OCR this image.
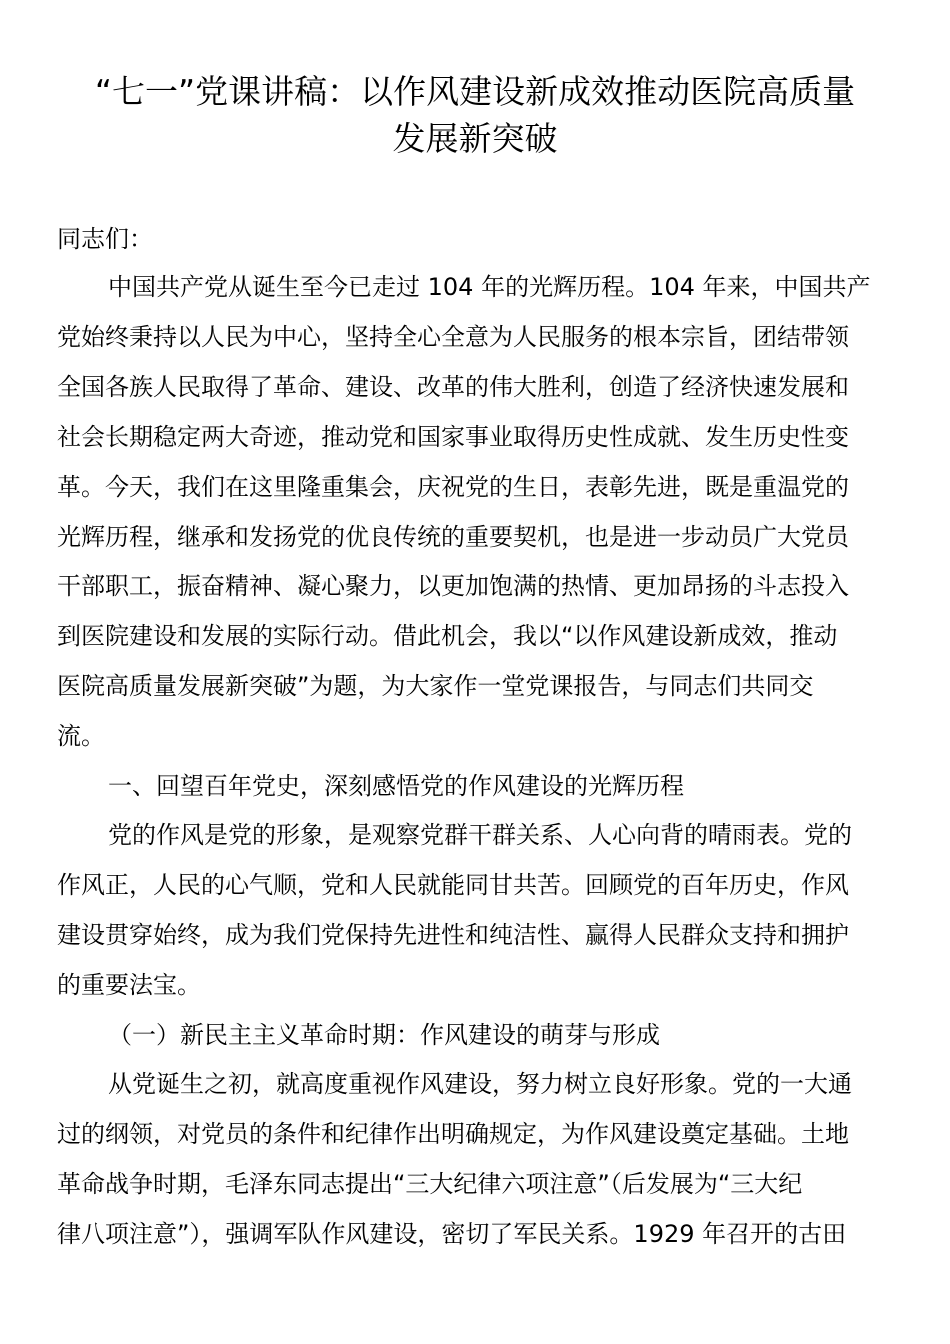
“七一”党课讲稿：以作风建设新成效推动医院高质量
发展新突破

同志们：

中国共产党从诞生至今已走过 104 年的光辉历程。104 年来，中国共产

党始终秉持以人民为中心，坚持全心全意为人民服务的根本宗旨，团结带领

全国各族人民取得了革命、建设、改革的伟大胜利，创造了经济快速发展和

社会长期稳定两大奇迹，推动党和国家事业取得历史性成就、发生历史性变

革。今天，我们在这里隆重集会，庆祝党的生日，表彰先进，既是重温党的

光辉历程，继承和发扬党的优良传统的重要契机，也是进一步动员广大党员

干部职工，振奋精神、凝心聚力，以更加饱满的热情、更加昂扬的斗志投入

到医院建设和发展的实际行动。借此机会，我以“以作风建设新成效，推动

医院高质量发展新突破”为题，为大家作一堂党课报告，与同志们共同交

流。

一、回望百年党史，深刻感悟党的作风建设的光辉历程

党的作风是党的形象，是观察党群干群关系、人心向背的晴雨表。党的

作风正，人民的心气顺，党和人民就能同甘共苦。回顾党的百年历史，作风

建设贯穿始终，成为我们党保持先进性和纯洁性、赢得人民群众支持和拥护

的重要法宝。

（一）新民主主义革命时期：作风建设的萌芽与形成

从党诞生之初，就高度重视作风建设，努力树立良好形象。党的一大通

过的纲领，对党员的条件和纪律作出明确规定，为作风建设奠定基础。土地

革命战争时期，毛泽东同志提出“三大纪律六项注意”（后发展为“三大纪

律八项注意”），强调军队作风建设，密切了军民关系。1929 年召开的古田
